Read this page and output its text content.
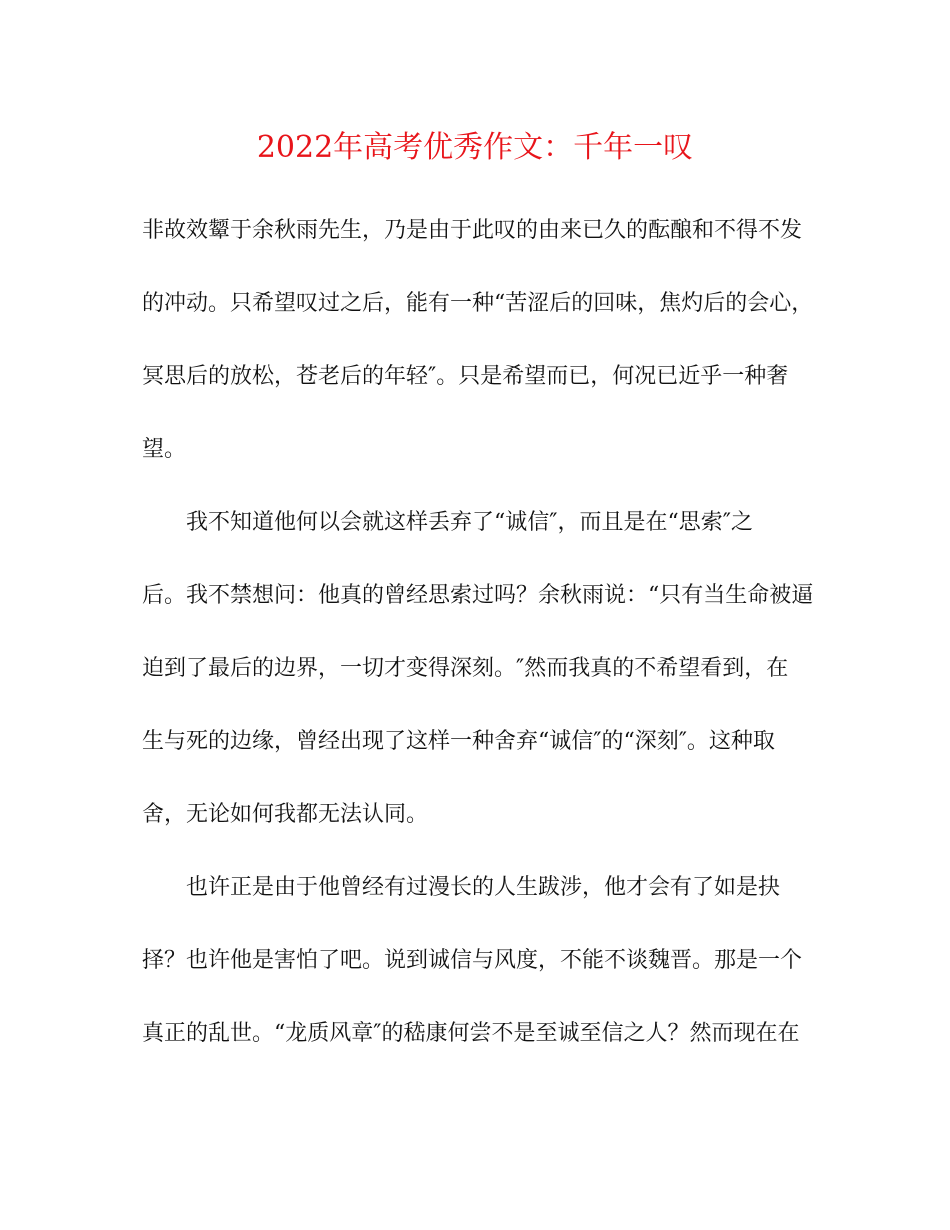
2022年高考优秀作文：千年一叹

非故效颦于余秋雨先生，乃是由于此叹的由来已久的酝酿和不得不发

的冲动。只希望叹过之后，能有一种“苦涩后的回味，焦灼后的会心，

冥思后的放松，苍老后的年轻″。只是希望而已，何况已近乎一种奢

望。

我不知道他何以会就这样丢弃了“诚信″，而且是在“思索″之

后。我不禁想问：他真的曾经思索过吗？余秋雨说：“只有当生命被逼

迫到了最后的边界，一切才变得深刻。″然而我真的不希望看到，在

生与死的边缘，曾经出现了这样一种舍弃“诚信″的“深刻″。这种取

舍，无论如何我都无法认同。

也许正是由于他曾经有过漫长的人生跋涉，他才会有了如是抉

择？也许他是害怕了吧。说到诚信与风度，不能不谈魏晋。那是一个

真正的乱世。“龙质风章″的嵇康何尝不是至诚至信之人？然而现在在
